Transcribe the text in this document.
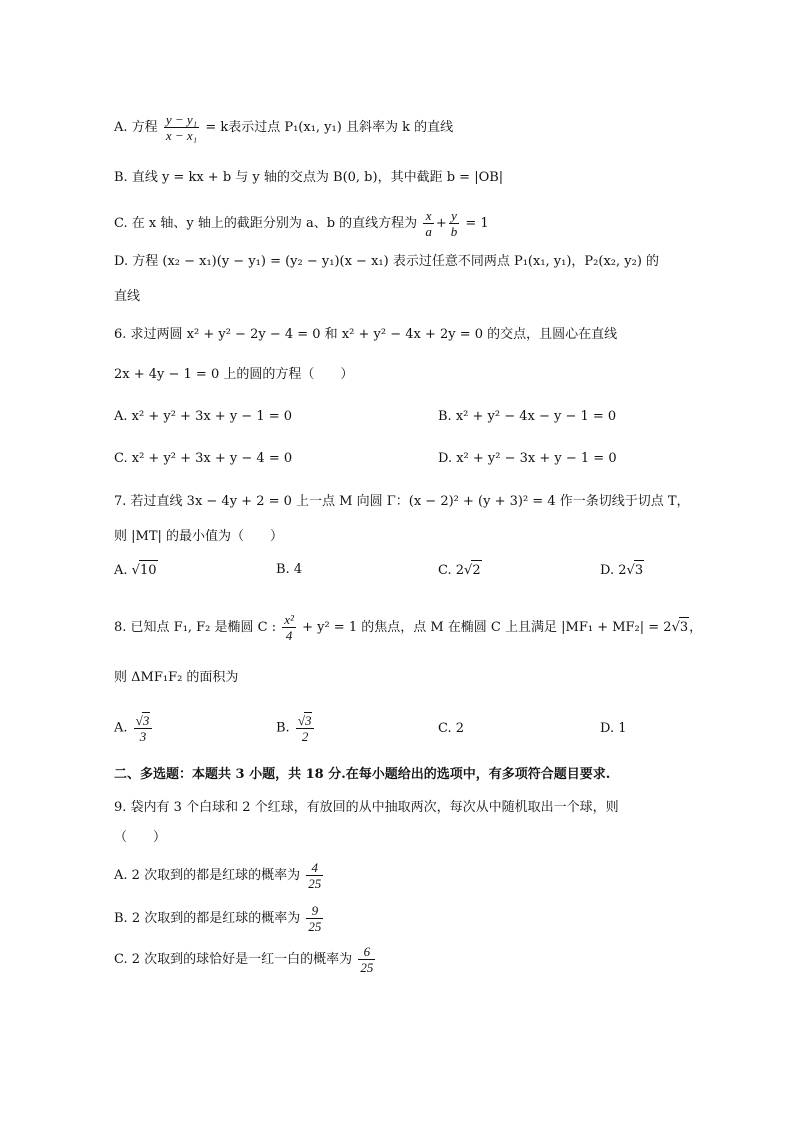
A. 方程 $\frac{\text{y − y₁}}{\text{x − x₁}} = k$表示过点 P₁(x₁, y₁) 且斜率为 k 的直线
B. 直线 y = kx + b 与 y 轴的交点为 B(0, b)，其中截距 b = |OB|
C. 在 x 轴、y 轴上的截距分别为 a、b 的直线方程为 $\frac{x}{a} + \frac{y}{b} = 1$
D. 方程 (x₂ − x₁)(y − y₁) = (y₂ − y₁)(x − x₁) 表示过任意不同两点 P₁(x₁, y₁)，P₂(x₂, y₂) 的
直线
6. 求过两圆 x² + y² − 2y − 4 = 0 和 x² + y² − 4x + 2y = 0 的交点，且圆心在直线
2x + 4y − 1 = 0 上的圆的方程（　　）
A. x² + y² + 3x + y − 1 = 0	B. x² + y² − 4x − y − 1 = 0
C. x² + y² + 3x + y − 4 = 0	D. x² + y² − 3x + y − 1 = 0
7. 若过直线 3x − 4y + 2 = 0 上一点 M 向圆 Γ：(x − 2)² + (y + 3)² = 4 作一条切线于切点 T，
则 |MT| 的最小值为（　　）
A. √10	B. 4	C. 2√2	D. 2√3
8. 已知点 F₁, F₂ 是椭圆 C : $\frac{\text{x²}}{4} + y^2 = 1$ 的焦点，点 M 在椭圆 C 上且满足 |MF₁ + MF₂| = 2√3，
则 ΔMF₁F₂ 的面积为
A. $\frac{√3}{3}$	B. $\frac{√3}{2}$	C. 2	D. 1
二、多选题：本题共 3 小题，共 18 分.在每小题给出的选项中，有多项符合题目要求.
9. 袋内有 3 个白球和 2 个红球，有放回的从中抽取两次，每次从中随机取出一个球，则
（　　）
A. 2 次取到的都是红球的概率为 $\frac{4}{25}$
B. 2 次取到的都是红球的概率为 $\frac{9}{25}$
C. 2 次取到的球恰好是一红一白的概率为 $\frac{6}{25}$
